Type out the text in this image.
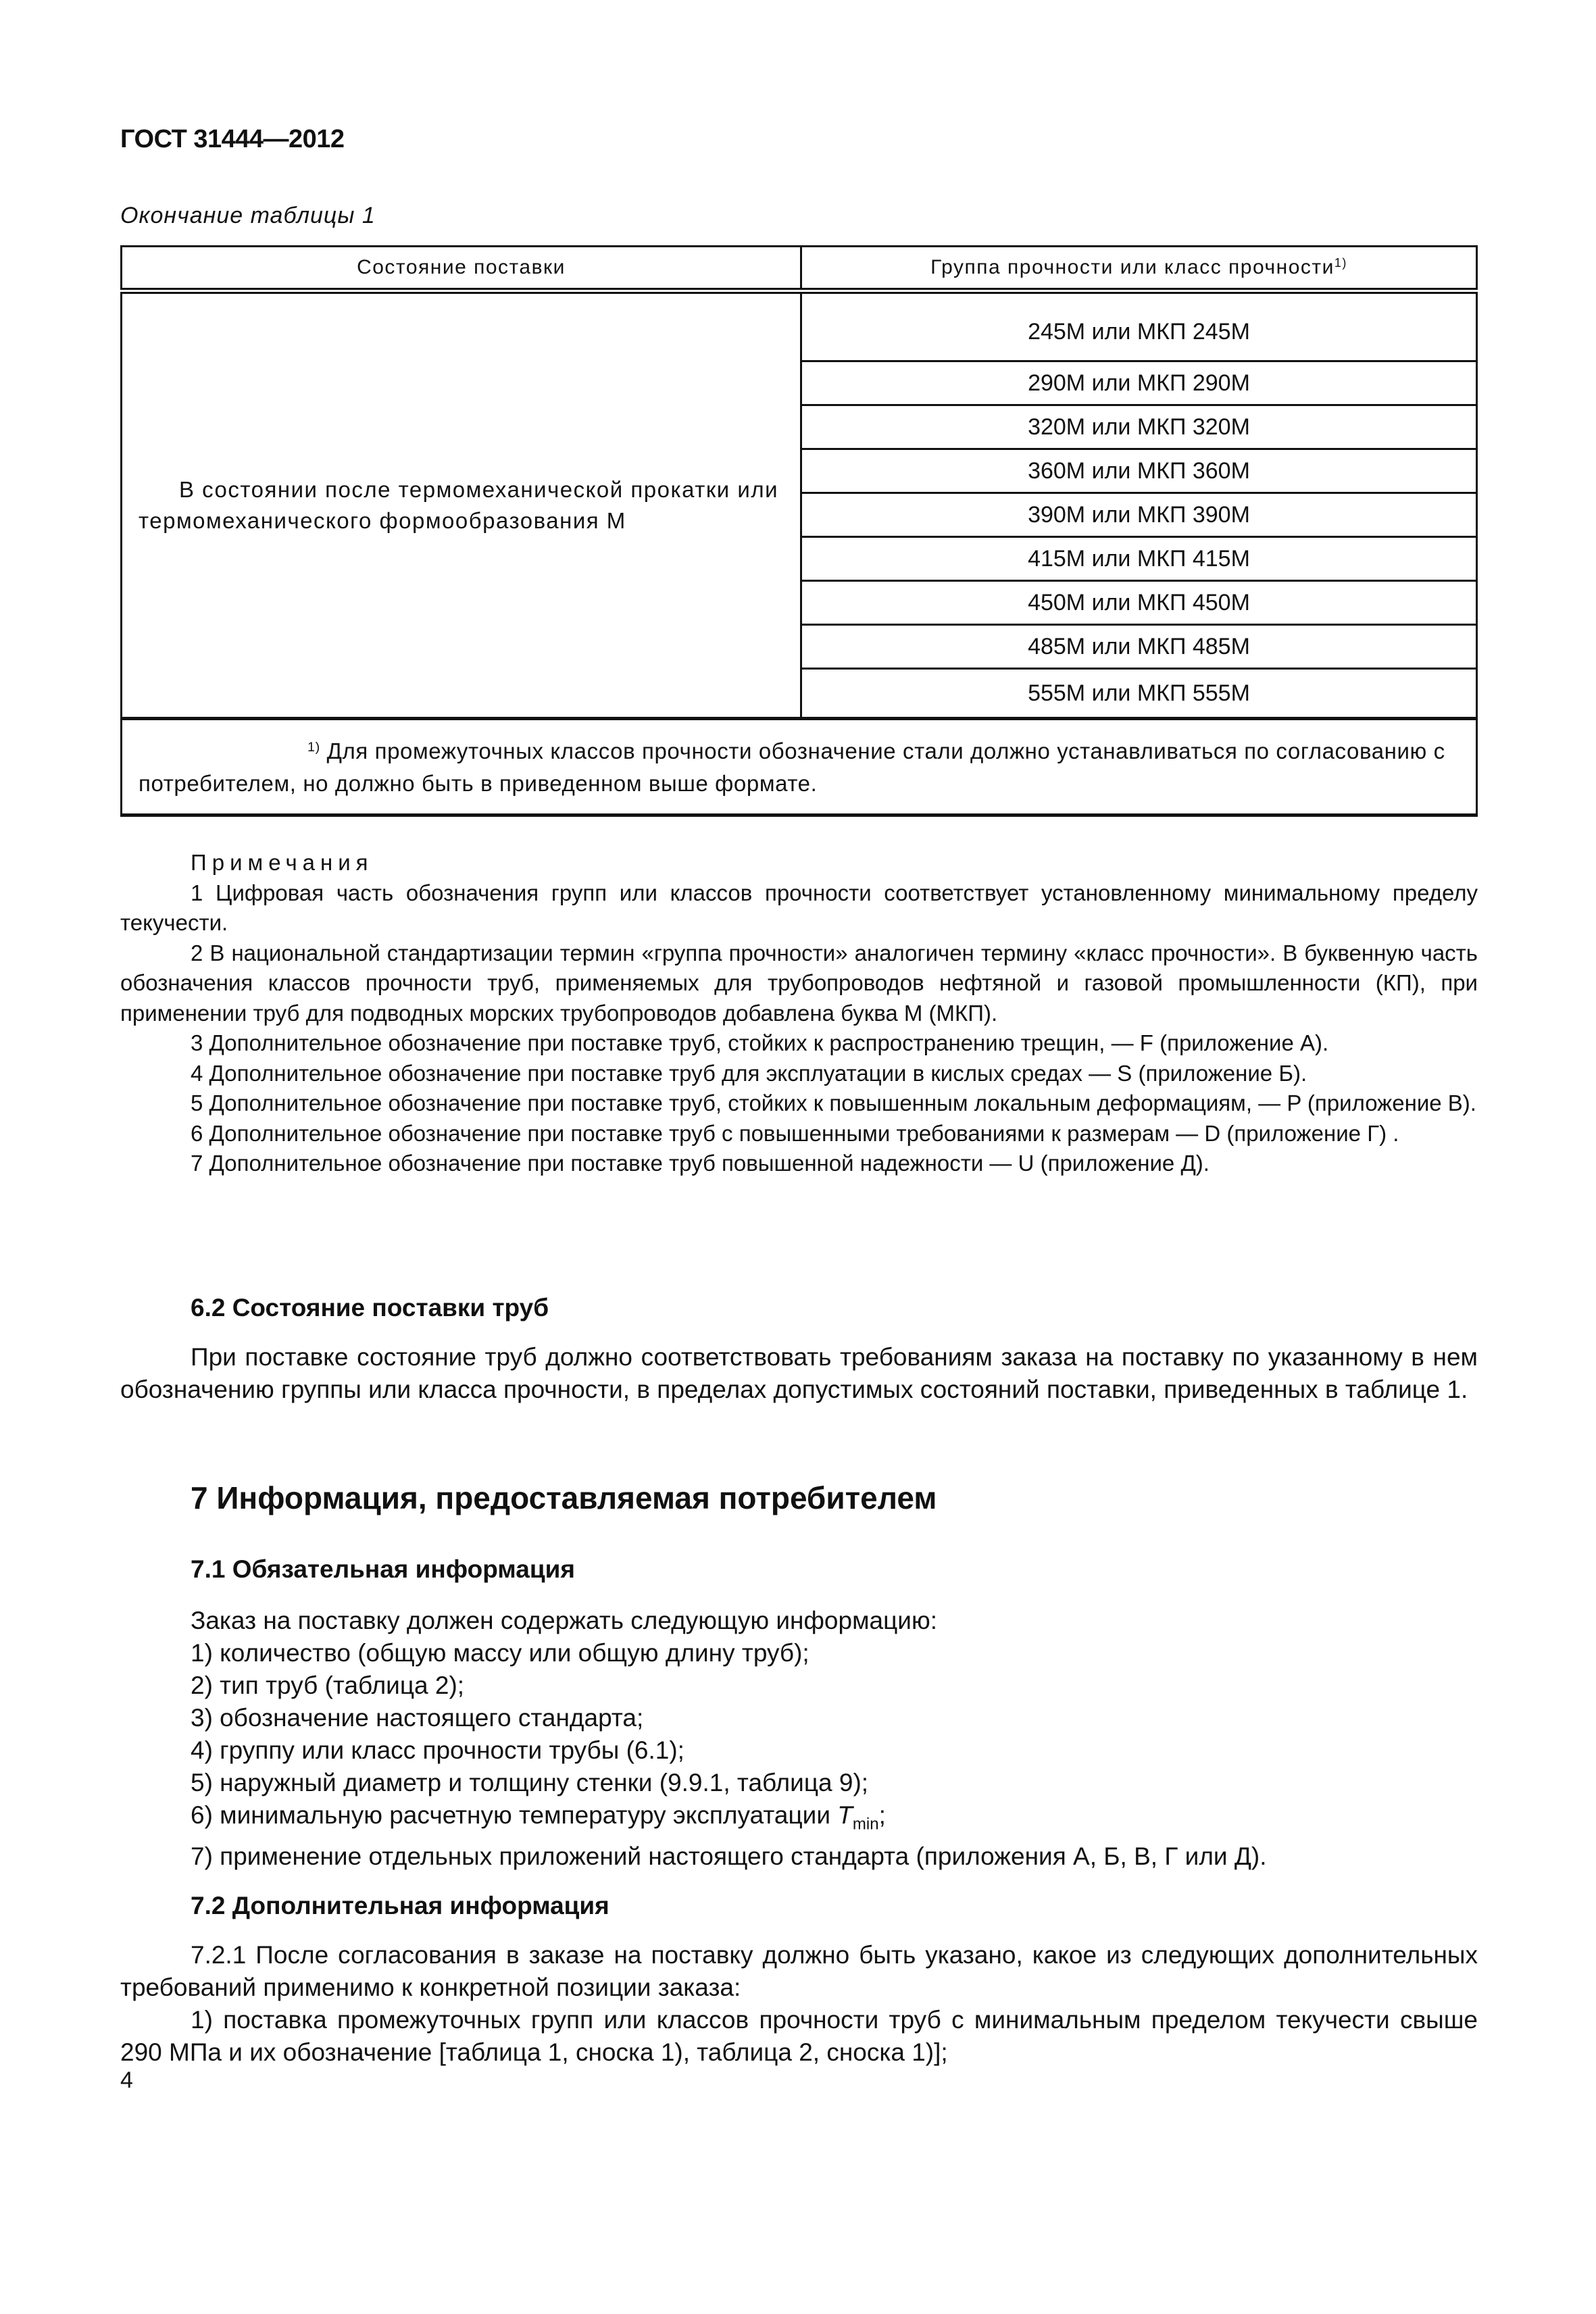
ГОСТ 31444—2012
Окончание таблицы 1
Состояние поставки	Группа прочности или класс прочности$^{1)}$

В состоянии после термомеханической прокатки или термомеханического формообразования М	245М или МКП 245М
	290М или МКП 290М
	320М или МКП 320М
	360М или МКП 360М
	390М или МКП 390М
	415М или МКП 415М
	450М или МКП 450М
	485М или МКП 485М
	555М или МКП 555М
$^{1)}$ Для промежуточных классов прочности обозначение стали должно устанавливаться по согласованию с потребителем, но должно быть в приведенном выше формате.	

Примечания

1 Цифровая часть обозначения групп или классов прочности соответствует установленному минимальному пределу текучести.

2 В национальной стандартизации термин «группа прочности» аналогичен термину «класс прочности». В буквенную часть обозначения классов прочности труб, применяемых для трубопроводов нефтяной и газовой промышленности (КП), при применении труб для подводных морских трубопроводов добавлена буква М (МКП).

3 Дополнительное обозначение при поставке труб, стойких к распространению трещин, — F (приложение А).

4 Дополнительное обозначение при поставке труб для эксплуатации в кислых средах — S (приложение Б).

5 Дополнительное обозначение при поставке труб, стойких к повышенным локальным деформациям, — P (приложение В).

6 Дополнительное обозначение при поставке труб с повышенными требованиями к размерам — D (приложение Г) .

7 Дополнительное обозначение при поставке труб повышенной надежности — U (приложение Д).

6.2 Состояние поставки труб

При поставке состояние труб должно соответствовать требованиям заказа на поставку по указанному в нем обозначению группы или класса прочности, в пределах допустимых состояний поставки, приведенных в таблице 1.

7 Информация, предоставляемая потребителем
7.1 Обязательная информация

Заказ на поставку должен содержать следующую информацию:

1) количество (общую массу или общую длину труб);

2) тип труб (таблица 2);

3) обозначение настоящего стандарта;

4) группу или класс прочности трубы (6.1);

5) наружный диаметр и толщину стенки (9.9.1, таблица 9);

6) минимальную расчетную температуру эксплуатации $T_{min}$;

7) применение отдельных приложений настоящего стандарта (приложения А, Б, В, Г или Д).

7.2 Дополнительная информация

7.2.1 После согласования в заказе на поставку должно быть указано, какое из следующих дополнительных требований применимо к конкретной позиции заказа:

1) поставка промежуточных групп или классов прочности труб с минимальным пределом текучести свыше 290 МПа и их обозначение [таблица 1, сноска 1), таблица 2, сноска 1)];

4
